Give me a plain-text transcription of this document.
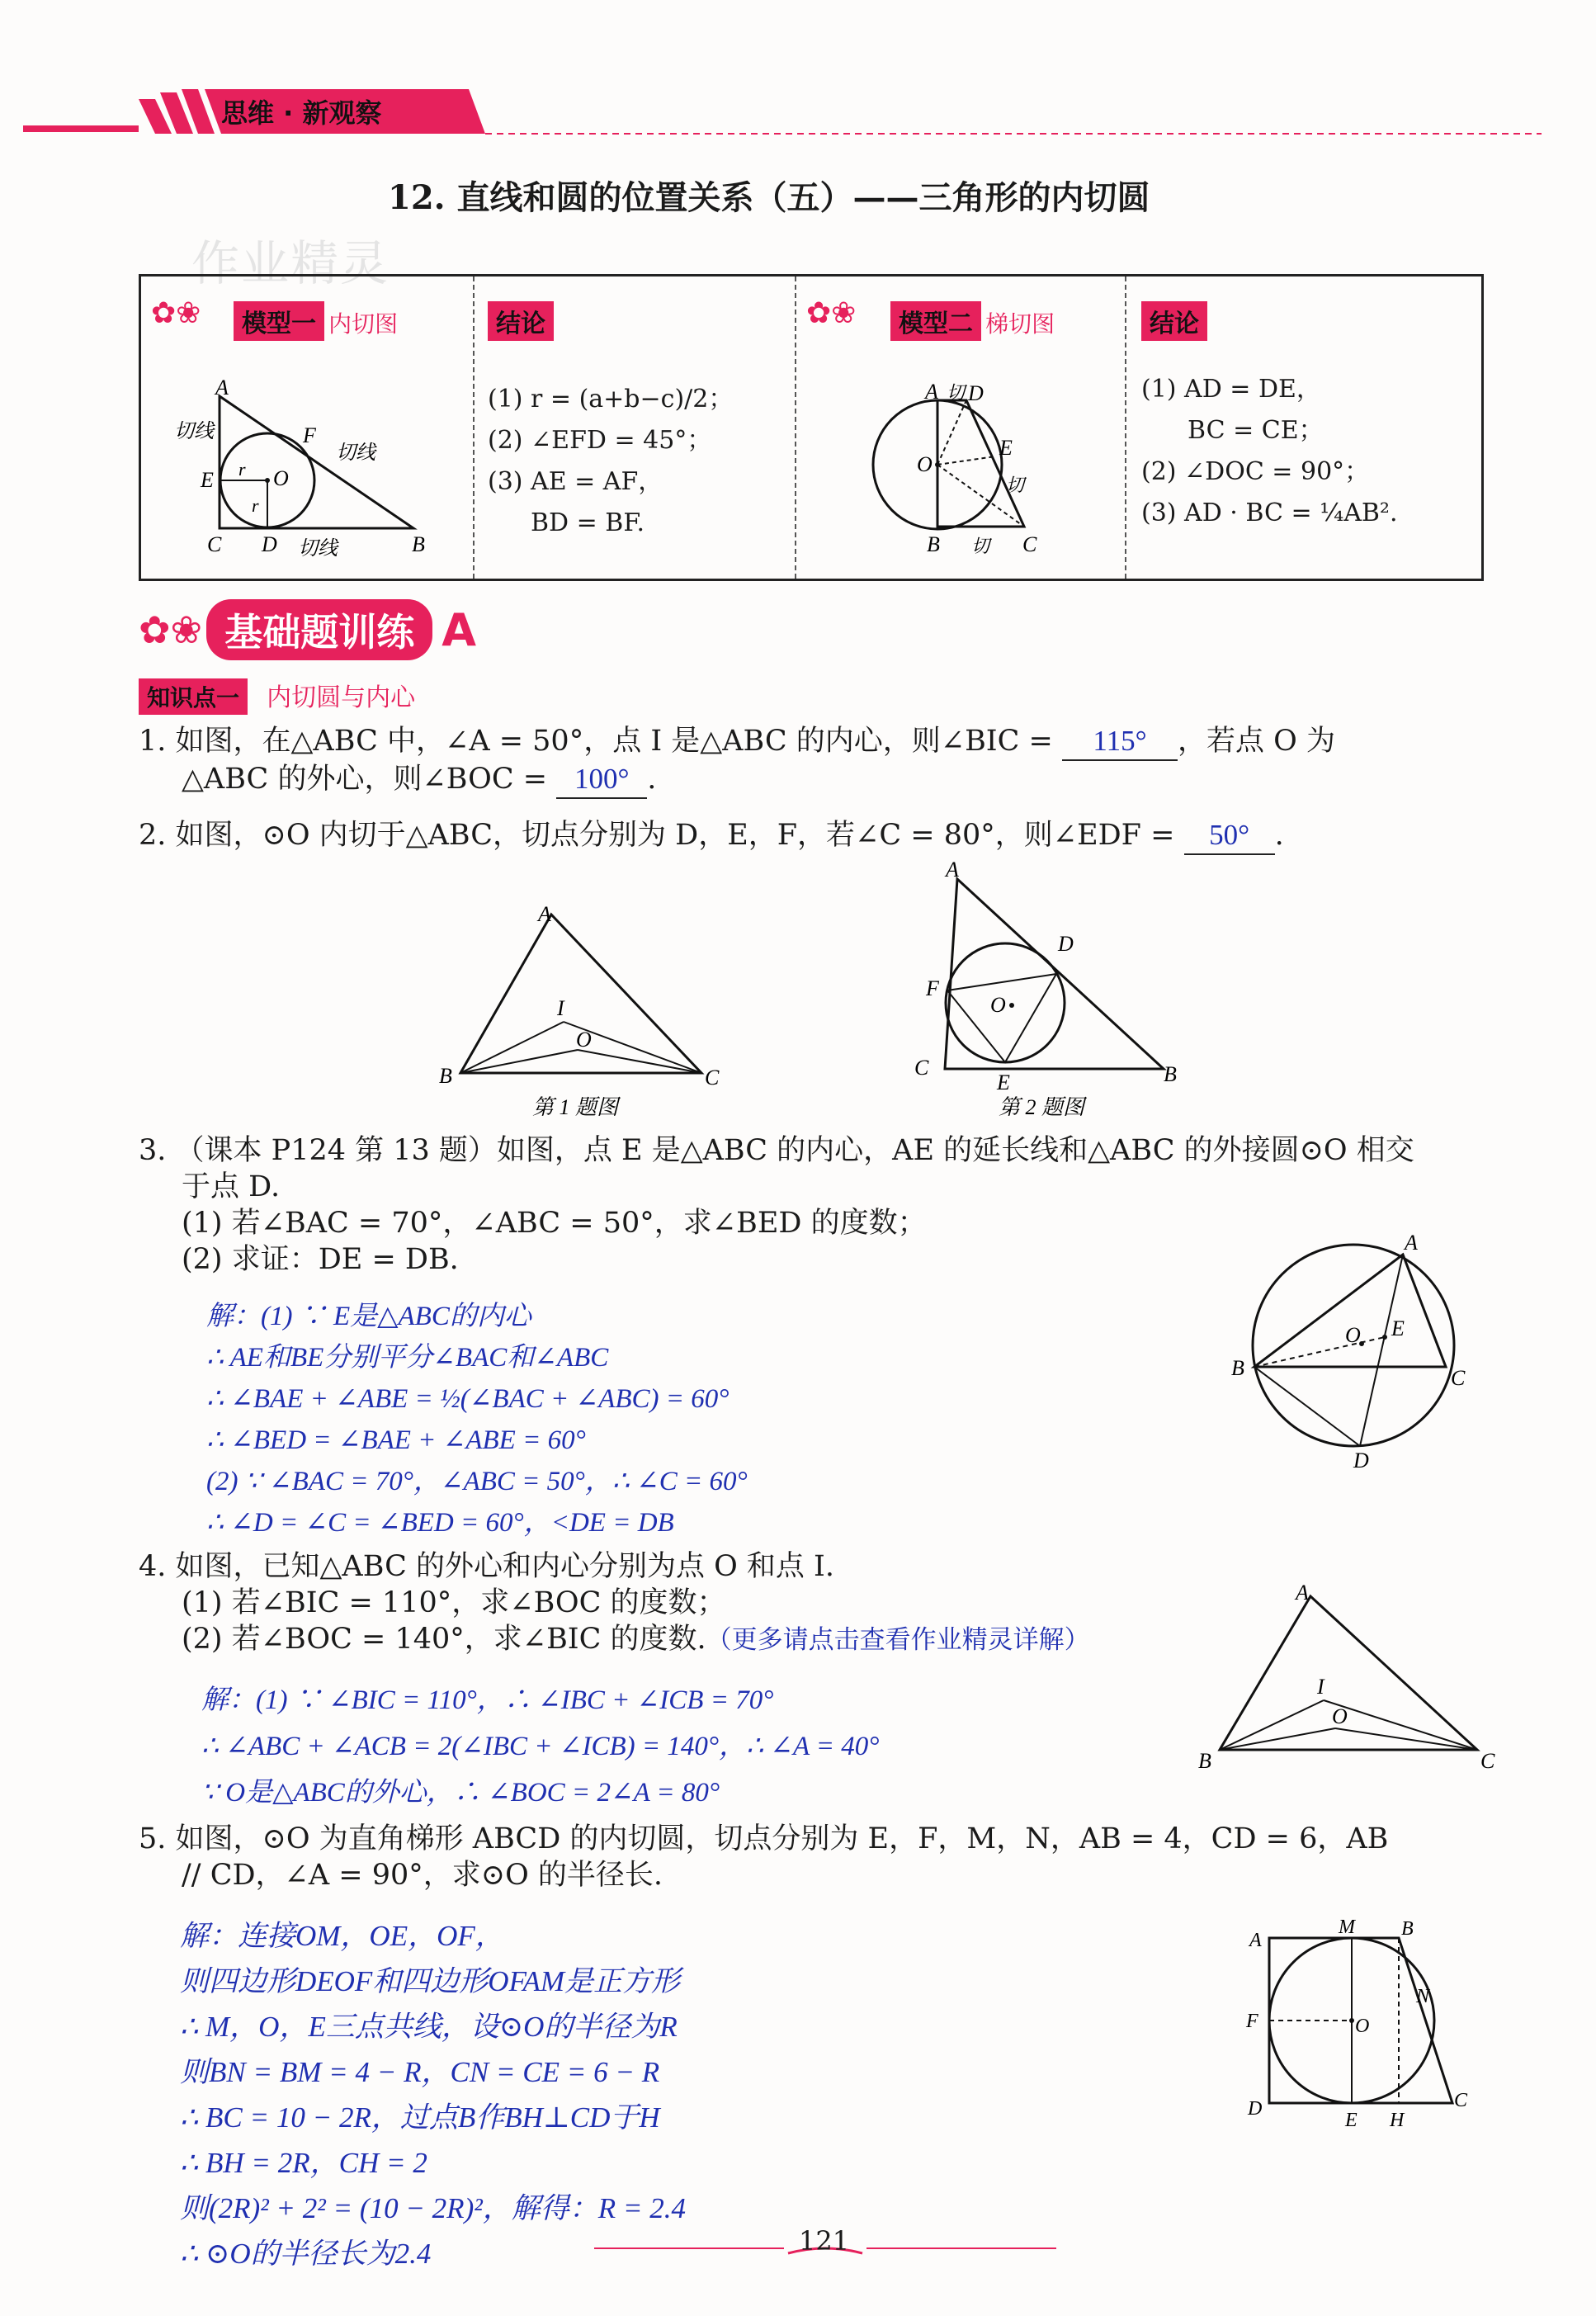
思维 · 新观察
12. 直线和圆的位置关系（五）——三角形的内切圆
作业精灵
✿❀	模型一 内切图
A
B
C D
E
F
O
r
r
切线
切线
切线
结论
(1) r = (a+b−c)/2；
(2) ∠EFD = 45°；
(3) AE = AF，
BD = BF.
✿❀	模型二 梯切图
A
B	C
D
E
O
切
切
切
结论
(1) AD = DE，
BC = CE；
(2) ∠DOC = 90°；
(3) AD · BC = ¼AB².
✿❀ 基础题训练 A
知识点一 内切圆与内心
1. 如图，在△ABC 中，∠A = 50°，点 I 是△ABC 的内心，则∠BIC = 115° ，若点 O 为
△ABC 的外心，则∠BOC = 100° .
2. 如图，⊙O 内切于△ABC，切点分别为 D，E，F，若∠C = 80°，则∠EDF = 50° .
A
B	C
I
O
第 1 题图
A
B
C
D
E
F
O
第 2 题图
3. （课本 P124 第 13 题）如图，点 E 是△ABC 的内心，AE 的延长线和△ABC 的外接圆⊙O 相交
于点 D.
(1) 若∠BAC = 70°，∠ABC = 50°，求∠BED 的度数；
(2) 求证：DE = DB.
解：(1) ∵ E是△ABC的内心
∴ AE和BE分别平分∠BAC和∠ABC
∴ ∠BAE + ∠ABE = ½(∠BAC + ∠ABC) = 60°
∴ ∠BED = ∠BAE + ∠ABE = 60°
(2) ∵ ∠BAC = 70°，∠ABC = 50°，∴ ∠C = 60°
∴ ∠D = ∠C = ∠BED = 60°，<DE = DB
A
B	C
D
E
O
4. 如图，已知△ABC 的外心和内心分别为点 O 和点 I.
(1) 若∠BIC = 110°，求∠BOC 的度数；
(2) 若∠BOC = 140°，求∠BIC 的度数.（更多请点击查看作业精灵详解）
解：(1) ∵ ∠BIC = 110°，∴ ∠IBC + ∠ICB = 70°
∴ ∠ABC + ∠ACB = 2(∠IBC + ∠ICB) = 140°，∴ ∠A = 40°
∵ O是△ABC的外心，∴ ∠BOC = 2∠A = 80°
A
B	C
I
O
5. 如图，⊙O 为直角梯形 ABCD 的内切圆，切点分别为 E，F，M，N，AB = 4，CD = 6，AB
// CD，∠A = 90°，求⊙O 的半径长.
解：连接OM，OE，OF，
则四边形DEOF和四边形OFAM是正方形
∴ M，O，E三点共线，设⊙O的半径为R
则BN = BM = 4 − R，CN = CE = 6 − R
∴ BC = 10 − 2R，过点B作BH⊥CD于H
∴ BH = 2R，CH = 2
则(2R)² + 2² = (10 − 2R)²，解得：R = 2.4
∴ ⊙O的半径长为2.4
A
B
C
D
E
F
H
M
N
O
121
